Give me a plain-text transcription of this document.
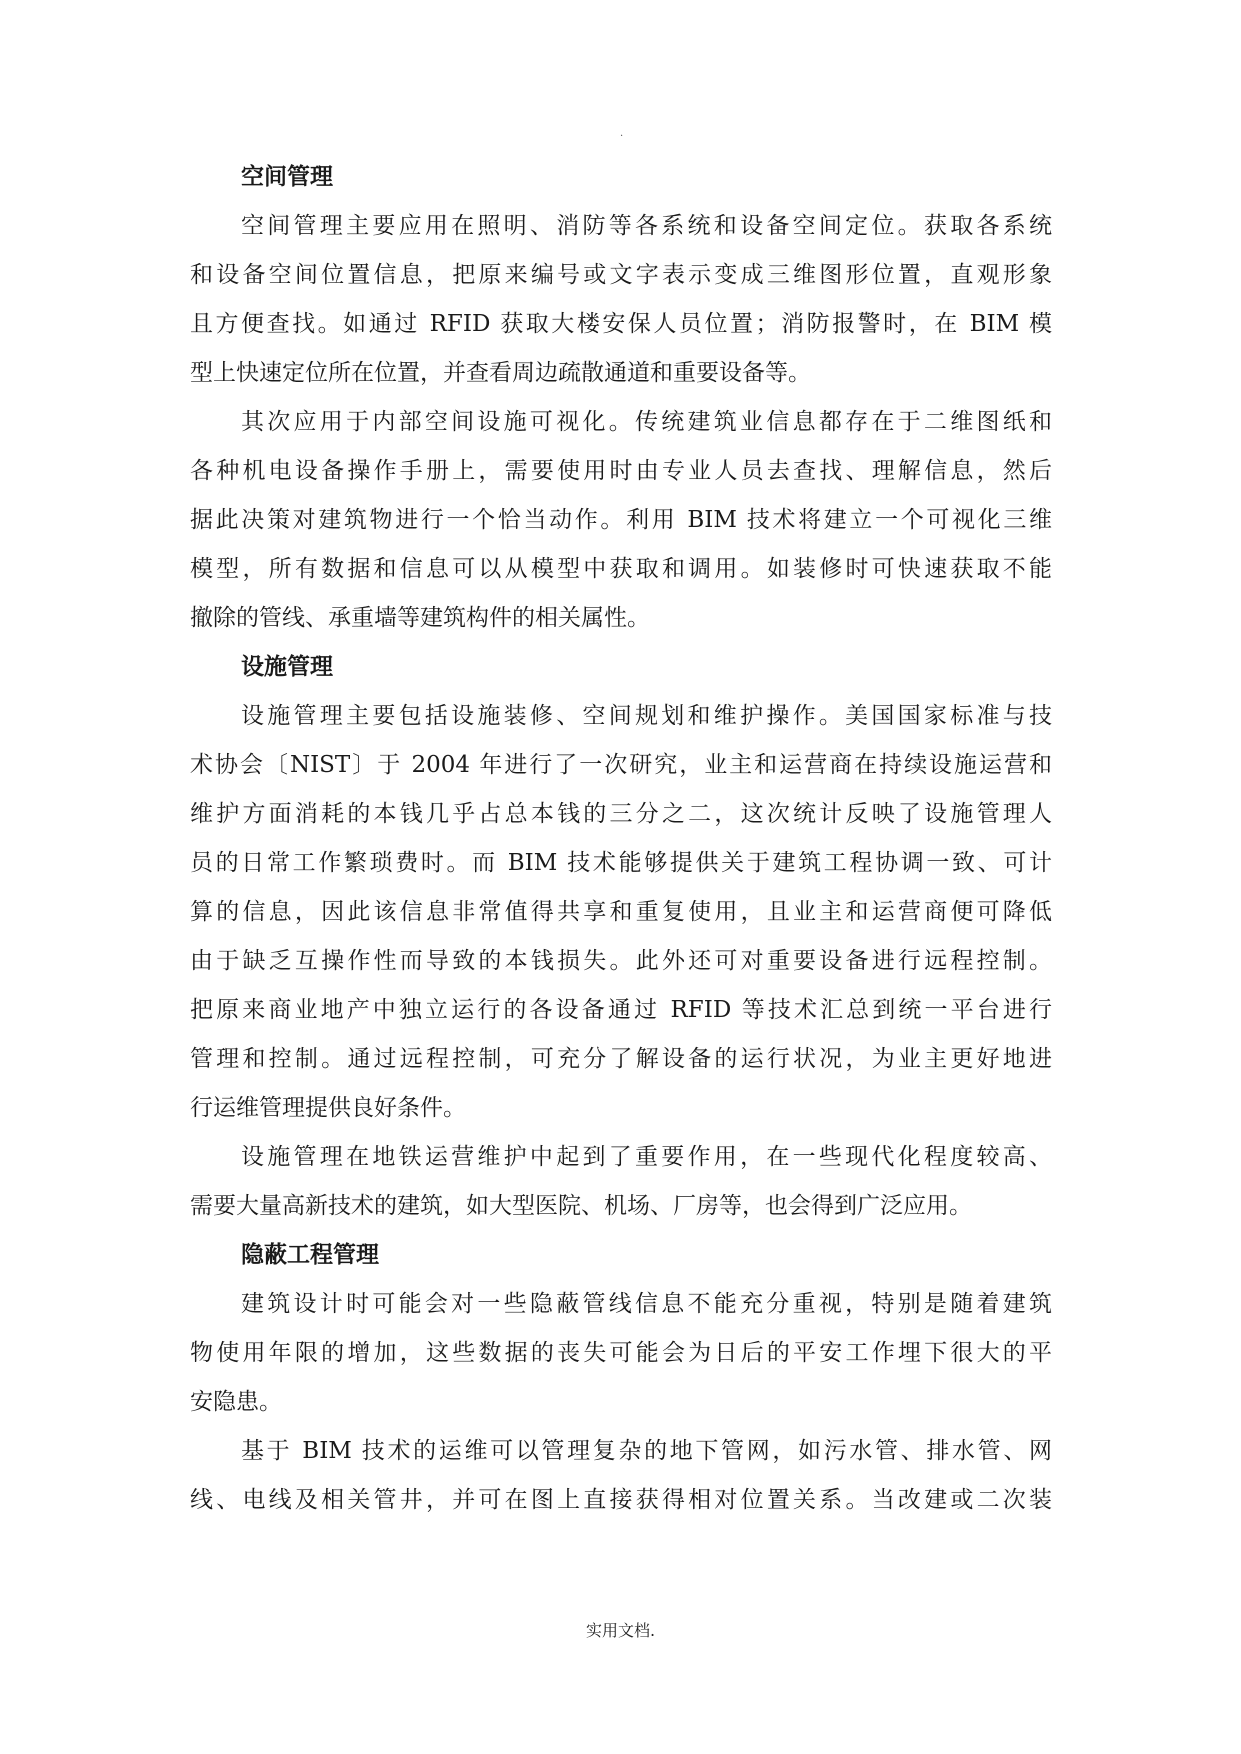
.
空间管理

空间管理主要应用在照明、消防等各系统和设备空间定位。获取各系统
和设备空间位置信息，把原来编号或文字表示变成三维图形位置，直观形象
且方便查找。如通过 RFID 获取大楼安保人员位置；消防报警时，在 BIM 模
型上快速定位所在位置，并查看周边疏散通道和重要设备等。

其次应用于内部空间设施可视化。传统建筑业信息都存在于二维图纸和
各种机电设备操作手册上，需要使用时由专业人员去查找、理解信息，然后
据此决策对建筑物进行一个恰当动作。利用 BIM 技术将建立一个可视化三维
模型，所有数据和信息可以从模型中获取和调用。如装修时可快速获取不能
撤除的管线、承重墙等建筑构件的相关属性。

设施管理

设施管理主要包括设施装修、空间规划和维护操作。美国国家标准与技
术协会〔NIST〕于 2004 年进行了一次研究，业主和运营商在持续设施运营和
维护方面消耗的本钱几乎占总本钱的三分之二，这次统计反映了设施管理人
员的日常工作繁琐费时。而 BIM 技术能够提供关于建筑工程协调一致、可计
算的信息，因此该信息非常值得共享和重复使用，且业主和运营商便可降低
由于缺乏互操作性而导致的本钱损失。此外还可对重要设备进行远程控制。
把原来商业地产中独立运行的各设备通过 RFID 等技术汇总到统一平台进行
管理和控制。通过远程控制，可充分了解设备的运行状况，为业主更好地进
行运维管理提供良好条件。

设施管理在地铁运营维护中起到了重要作用，在一些现代化程度较高、
需要大量高新技术的建筑，如大型医院、机场、厂房等，也会得到广泛应用。

隐蔽工程管理

建筑设计时可能会对一些隐蔽管线信息不能充分重视，特别是随着建筑
物使用年限的增加，这些数据的丧失可能会为日后的平安工作埋下很大的平
安隐患。

基于 BIM 技术的运维可以管理复杂的地下管网，如污水管、排水管、网
线、电线及相关管井，并可在图上直接获得相对位置关系。当改建或二次装

实用文档.
